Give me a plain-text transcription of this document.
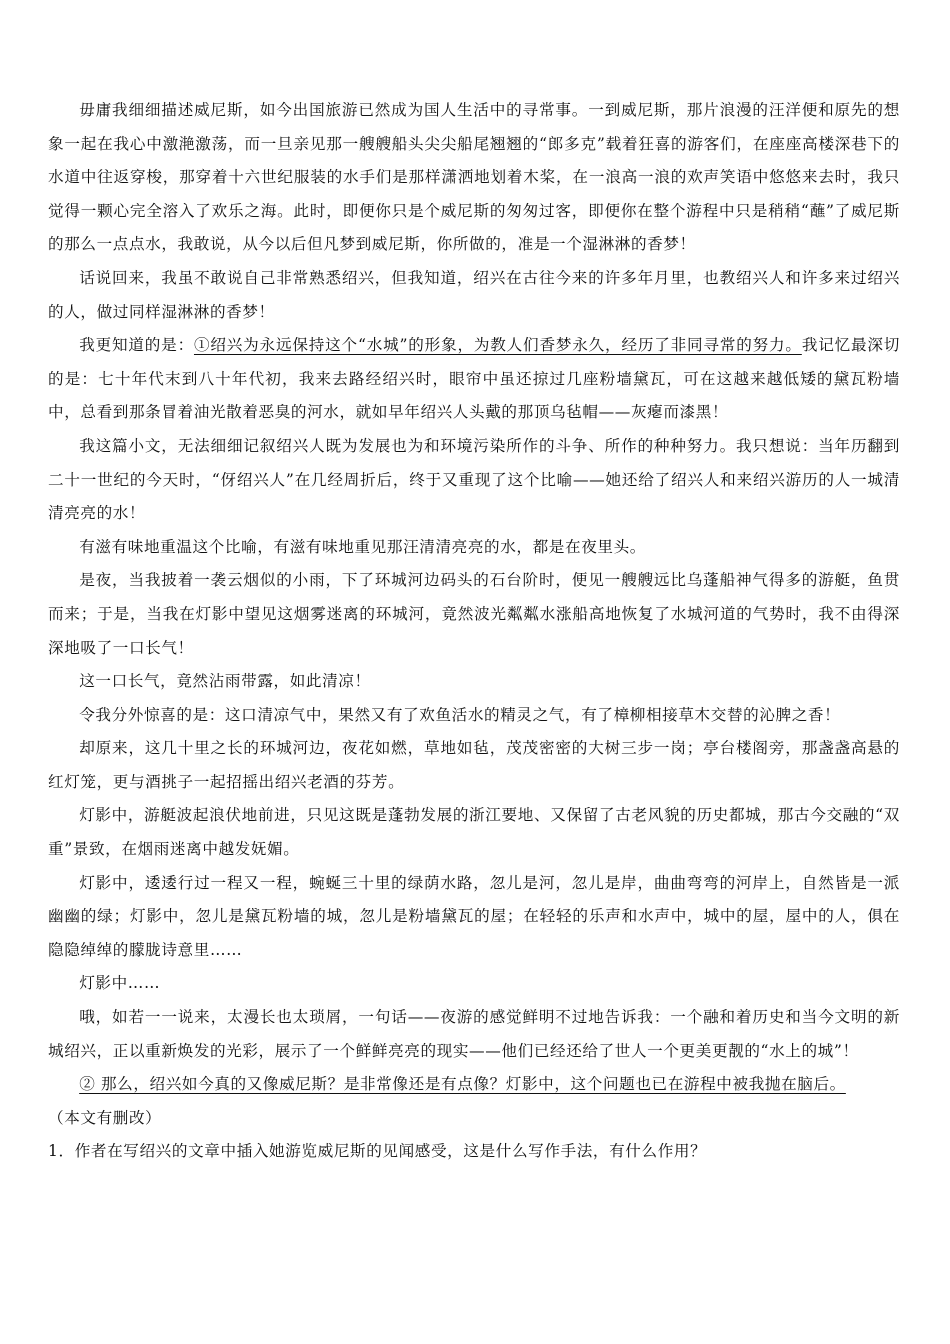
毋庸我细细描述威尼斯，如今出国旅游已然成为国人生活中的寻常事。一到威尼斯，那片浪漫的汪洋便和原先的想象一起在我心中激滟激荡，而一旦亲见那一艘艘船头尖尖船尾翘翘的“郎多克”载着狂喜的游客们，在座座高楼深巷下的水道中往返穿梭，那穿着十六世纪服装的水手们是那样潇洒地划着木桨，在一浪高一浪的欢声笑语中悠悠来去时，我只觉得一颗心完全溶入了欢乐之海。此时，即便你只是个威尼斯的匆匆过客，即便你在整个游程中只是稍稍“蘸”了威尼斯的那么一点点水，我敢说，从今以后但凡梦到威尼斯，你所做的，准是一个湿淋淋的香梦！

话说回来，我虽不敢说自己非常熟悉绍兴，但我知道，绍兴在古往今来的许多年月里，也教绍兴人和许多来过绍兴的人，做过同样湿淋淋的香梦！

我更知道的是：①绍兴为永远保持这个“水城”的形象，为教人们香梦永久，经历了非同寻常的努力。我记忆最深切的是：七十年代末到八十年代初，我来去路经绍兴时，眼帘中虽还掠过几座粉墙黛瓦，可在这越来越低矮的黛瓦粉墙中，总看到那条冒着油光散着恶臭的河水，就如早年绍兴人头戴的那顶乌毡帽——灰瘪而漆黑！

我这篇小文，无法细细记叙绍兴人既为发展也为和环境污染所作的斗争、所作的种种努力。我只想说：当年历翻到二十一世纪的今天时，“伢绍兴人”在几经周折后，终于又重现了这个比喻——她还给了绍兴人和来绍兴游历的人一城清清亮亮的水！

有滋有味地重温这个比喻，有滋有味地重见那汪清清亮亮的水，都是在夜里头。

是夜，当我披着一袭云烟似的小雨，下了环城河边码头的石台阶时，便见一艘艘远比乌蓬船神气得多的游艇，鱼贯而来；于是，当我在灯影中望见这烟雾迷离的环城河，竟然波光粼粼水涨船高地恢复了水城河道的气势时，我不由得深深地吸了一口长气！

这一口长气，竟然沾雨带露，如此清凉！

令我分外惊喜的是：这口清凉气中，果然又有了欢鱼活水的精灵之气，有了樟柳相接草木交替的沁脾之香！

却原来，这几十里之长的环城河边，夜花如燃，草地如毡，茂茂密密的大树三步一岗；亭台楼阁旁，那盏盏高悬的红灯笼，更与酒挑子一起招摇出绍兴老酒的芬芳。

灯影中，游艇波起浪伏地前进，只见这既是蓬勃发展的浙江要地、又保留了古老风貌的历史都城，那古今交融的“双重”景致，在烟雨迷离中越发妩媚。

灯影中，逶逶行过一程又一程，蜿蜒三十里的绿荫水路，忽儿是河，忽儿是岸，曲曲弯弯的河岸上，自然皆是一派幽幽的绿；灯影中，忽儿是黛瓦粉墙的城，忽儿是粉墙黛瓦的屋；在轻轻的乐声和水声中，城中的屋，屋中的人，俱在隐隐绰绰的朦胧诗意里……

灯影中……

哦，如若一一说来，太漫长也太琐屑，一句话——夜游的感觉鲜明不过地告诉我：一个融和着历史和当今文明的新城绍兴，正以重新焕发的光彩，展示了一个鲜鲜亮亮的现实——他们已经还给了世人一个更美更靓的“水上的城”！

② 那么，绍兴如今真的又像威尼斯？是非常像还是有点像？灯影中，这个问题也已在游程中被我抛在脑后。

（本文有删改）

1．作者在写绍兴的文章中插入她游览威尼斯的见闻感受，这是什么写作手法，有什么作用？
